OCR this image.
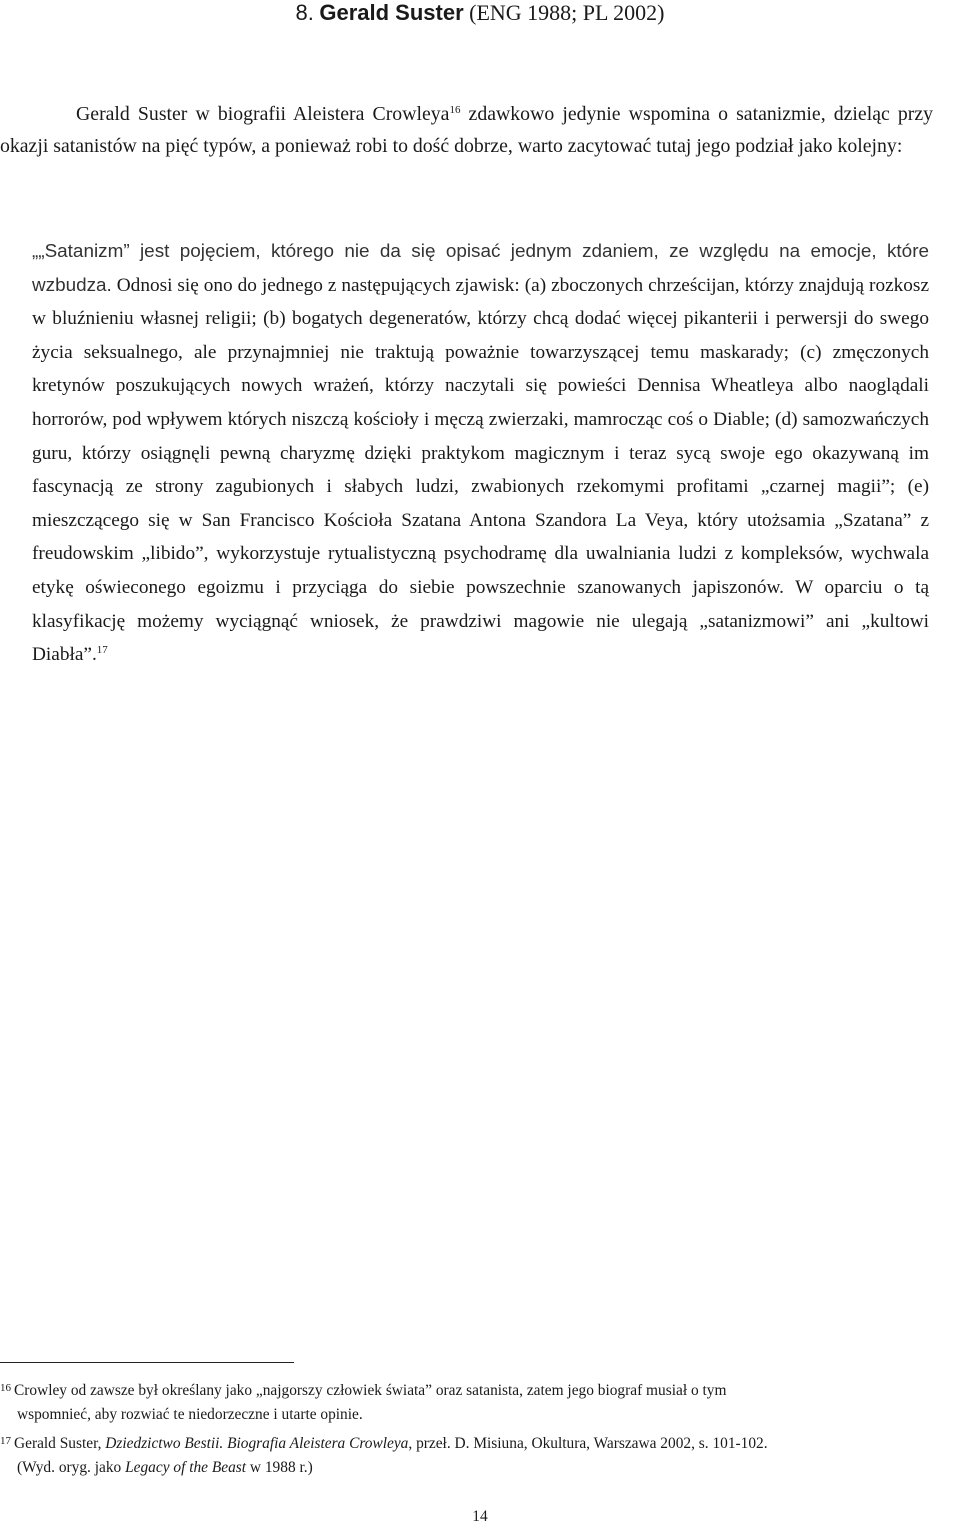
8. Gerald Suster (ENG 1988; PL 2002)

Gerald Suster w biografii Aleistera Crowleya$^{16}$ zdawkowo jedynie wspomina o satanizmie, dzieląc przy okazji satanistów na pięć typów, a ponieważ robi to dość dobrze, warto zacytować tutaj jego podział jako kolejny:

„„Satanizm” jest pojęciem, którego nie da się opisać jednym zdaniem, ze względu na emocje, które wzbudza. Odnosi się ono do jednego z następujących zjawisk: (a) zboczonych chrześcijan, którzy znajdują rozkosz w bluźnieniu własnej religii; (b) bogatych degeneratów, którzy chcą dodać więcej pikanterii i perwersji do swego życia seksualnego, ale przynajmniej nie traktują poważnie towarzyszącej temu maskarady; (c) zmęczonych kretynów poszukujących nowych wrażeń, którzy naczytali się powieści Dennisa Wheatleya albo naoglądali horrorów, pod wpływem których niszczą kościoły i męczą zwierzaki, mamrocząc coś o Diable; (d) samozwańczych guru, którzy osiągnęli pewną charyzmę dzięki praktykom magicznym i teraz sycą swoje ego okazywaną im fascynacją ze strony zagubionych i słabych ludzi, zwabionych rzekomymi profitami „czarnej magii”; (e) mieszczącego się w San Francisco Kościoła Szatana Antona Szandora La Veya, który utożsamia „Szatana” z freudowskim „libido”, wykorzystuje rytualistyczną psychodramę dla uwalniania ludzi z kompleksów, wychwala etykę oświeconego egoizmu i przyciąga do siebie powszechnie szanowanych japiszonów. W oparciu o tą klasyfikację możemy wyciągnąć wniosek, że prawdziwi magowie nie ulegają „satanizmowi” ani „kultowi Diabła”.$^{17}$

$^{16}$ Crowley od zawsze był określany jako „najgorszy człowiek świata” oraz satanista, zatem jego biograf musiał o tym
wspomnieć, aby rozwiać te niedorzeczne i utarte opinie.
$^{17}$ Gerald Suster, Dziedzictwo Bestii. Biografia Aleistera Crowleya, przeł. D. Misiuna, Okultura, Warszawa 2002, s. 101-102.
(Wyd. oryg. jako Legacy of the Beast w 1988 r.)
14
